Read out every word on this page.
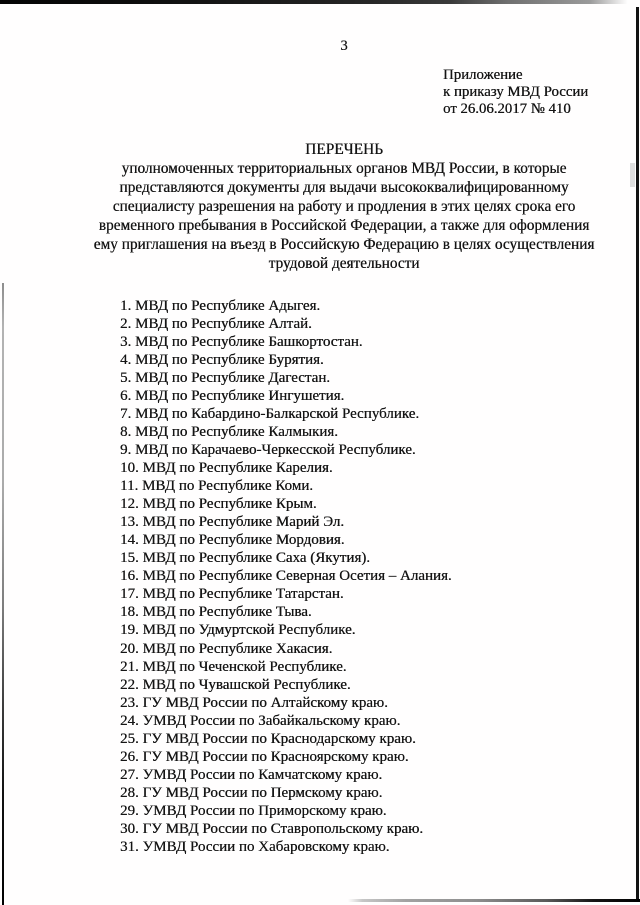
3
Приложение
к приказу МВД России
от 26.06.2017 № 410
ПЕРЕЧЕНЬ
уполномоченных территориальных органов МВД России, в которые
представляются документы для выдачи высококвалифицированному
специалисту разрешения на работу и продления в этих целях срока его
временного пребывания в Российской Федерации, а также для оформления
ему приглашения на въезд в Российскую Федерацию в целях осуществления
трудовой деятельности
1. МВД по Республике Адыгея.
2. МВД по Республике Алтай.
3. МВД по Республике Башкортостан.
4. МВД по Республике Бурятия.
5. МВД по Республике Дагестан.
6. МВД по Республике Ингушетия.
7. МВД по Кабардино-Балкарской Республике.
8. МВД по Республике Калмыкия.
9. МВД по Карачаево-Черкесской Республике.
10. МВД по Республике Карелия.
11. МВД по Республике Коми.
12. МВД по Республике Крым.
13. МВД по Республике Марий Эл.
14. МВД по Республике Мордовия.
15. МВД по Республике Саха (Якутия).
16. МВД по Республике Северная Осетия – Алания.
17. МВД по Республике Татарстан.
18. МВД по Республике Тыва.
19. МВД по Удмуртской Республике.
20. МВД по Республике Хакасия.
21. МВД по Чеченской Республике.
22. МВД по Чувашской Республике.
23. ГУ МВД России по Алтайскому краю.
24. УМВД России по Забайкальскому краю.
25. ГУ МВД России по Краснодарскому краю.
26. ГУ МВД России по Красноярскому краю.
27. УМВД России по Камчатскому краю.
28. ГУ МВД России по Пермскому краю.
29. УМВД России по Приморскому краю.
30. ГУ МВД России по Ставропольскому краю.
31. УМВД России по Хабаровскому краю.
